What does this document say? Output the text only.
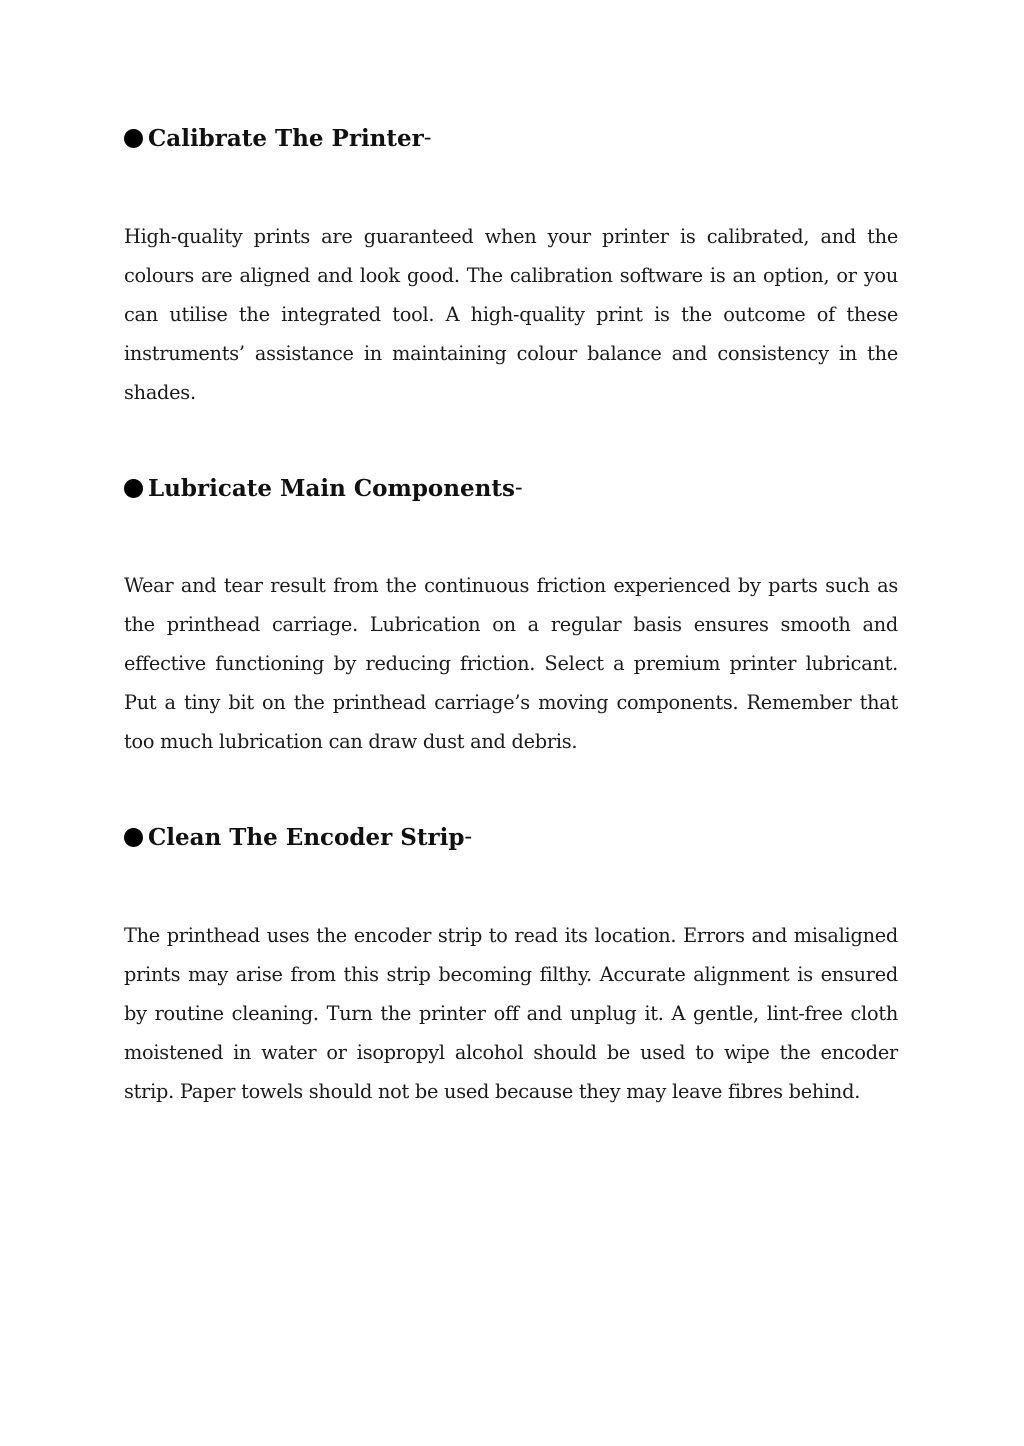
Calibrate The Printer -

High-quality prints are guaranteed when your printer is calibrated, and the colours are aligned and look good. The calibration software is an option, or you can utilise the integrated tool. A high-quality print is the outcome of these instruments’ assistance in maintaining colour balance and consistency in the shades.

Lubricate Main Components -

Wear and tear result from the continuous friction experienced by parts such as the printhead carriage. Lubrication on a regular basis ensures smooth and effective functioning by reducing friction. Select a premium printer lubricant. Put a tiny bit on the printhead carriage’s moving components. Remember that too much lubrication can draw dust and debris.

Clean The Encoder Strip -

The printhead uses the encoder strip to read its location. Errors and misaligned prints may arise from this strip becoming filthy. Accurate alignment is ensured by routine cleaning. Turn the printer off and unplug it. A gentle, lint-free cloth moistened in water or isopropyl alcohol should be used to wipe the encoder strip. Paper towels should not be used because they may leave fibres behind.
